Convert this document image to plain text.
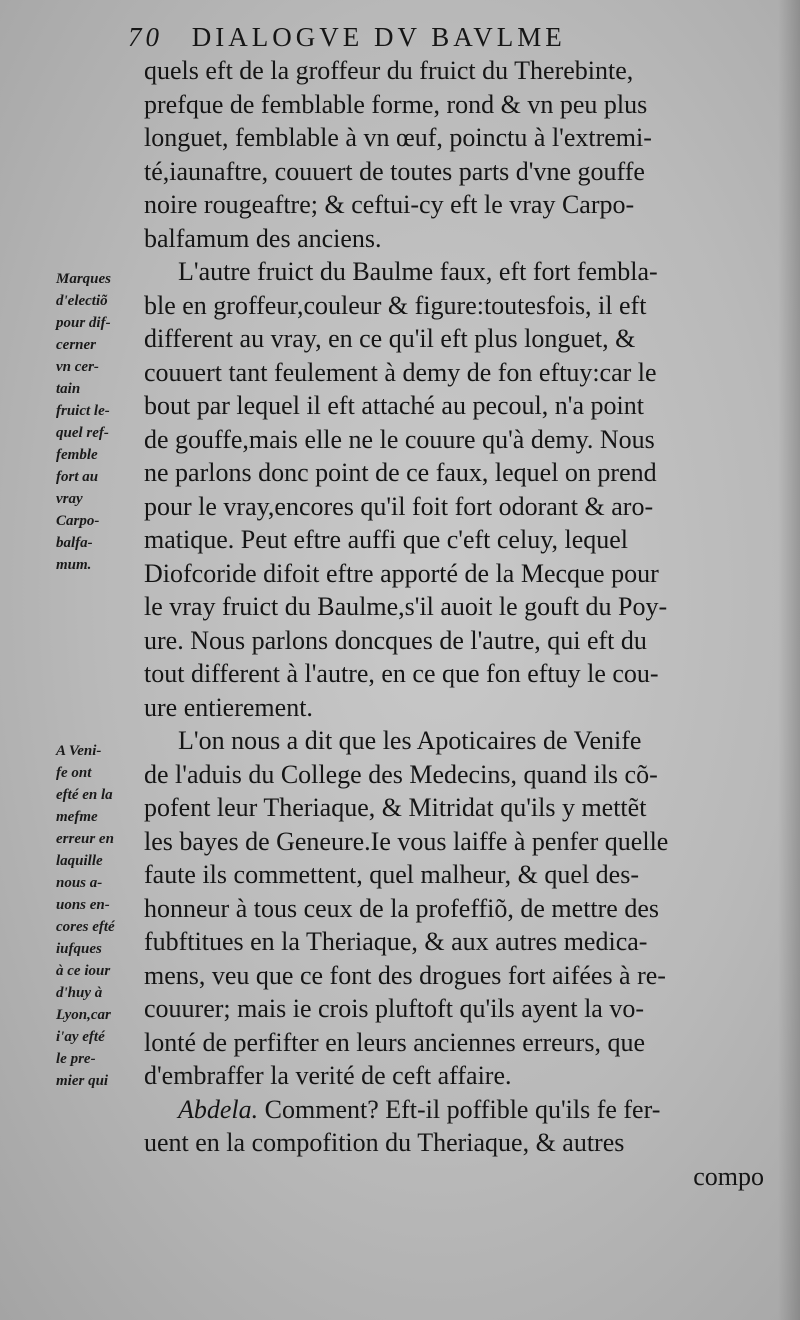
70 DIALOGVE DV BAVLME
Marques
d'electiõ
pour dif-
cerner
vn cer-
tain
fruict le-
quel ref-
femble
fort au
vray
Carpo-
balfa-
mum.
A Veni-
fe ont
efté en la
mefme
erreur en
laquille
nous a-
uons en-
cores efté
iufques
à ce iour
d'huy à
Lyon,car
i'ay efté
le pre-
mier qui
quels eft de la groffeur du fruict du Therebinte,
prefque de femblable forme, rond & vn peu plus
longuet, femblable à vn œuf, poinctu à l'extremi-
té,iaunaftre, couuert de toutes parts d'vne gouffe
noire rougeaftre; & ceftui-cy eft le vray Carpo-
balfamum des anciens.
L'autre fruict du Baulme faux, eft fort fembla-
ble en groffeur,couleur & figure:toutesfois, il eft
different au vray, en ce qu'il eft plus longuet, &
couuert tant feulement à demy de fon eftuy:car le
bout par lequel il eft attaché au pecoul, n'a point
de gouffe,mais elle ne le couure qu'à demy. Nous
ne parlons donc point de ce faux, lequel on prend
pour le vray,encores qu'il foit fort odorant & aro-
matique. Peut eftre auffi que c'eft celuy, lequel
Diofcoride difoit eftre apporté de la Mecque pour
le vray fruict du Baulme,s'il auoit le gouft du Poy-
ure. Nous parlons doncques de l'autre, qui eft du
tout different à l'autre, en ce que fon eftuy le cou-
ure entierement.
L'on nous a dit que les Apoticaires de Venife
de l'aduis du College des Medecins, quand ils cõ-
pofent leur Theriaque, & Mitridat qu'ils y mettẽt
les bayes de Geneure.Ie vous laiffe à penfer quelle
faute ils commettent, quel malheur, & quel des-
honneur à tous ceux de la profeffiõ, de mettre des
fubftitues en la Theriaque, & aux autres medica-
mens, veu que ce font des drogues fort aifées à re-
couurer; mais ie crois pluftoft qu'ils ayent la vo-
lonté de perfifter en leurs anciennes erreurs, que
d'embraffer la verité de ceft affaire.
Abdela. Comment? Eft-il poffible qu'ils fe fer-
uent en la compofition du Theriaque, & autres
compo
